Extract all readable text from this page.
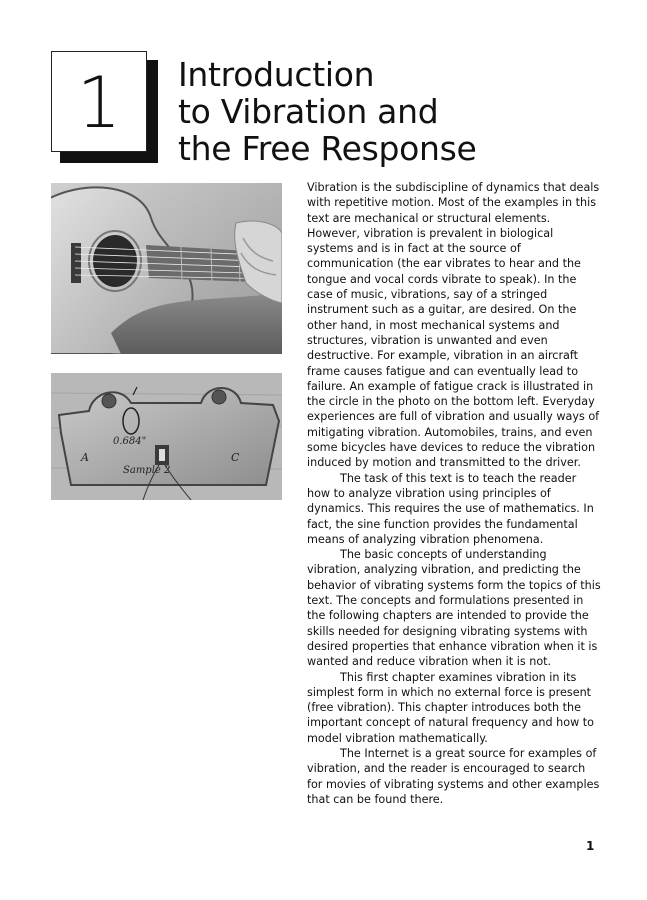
1 Introduction
to Vibration and
the Free Response
0.684"
Sample 2
A	C

Vibration is the subdiscipline of dynamics that deals with repetitive motion. Most of the examples in this text are mechanical or structural elements. However, vibration is prevalent in biological systems and is in fact at the source of communication (the ear vibrates to hear and the tongue and vocal cords vibrate to speak). In the case of music, vibrations, say of a stringed instrument such as a guitar, are desired. On the other hand, in most mechanical systems and structures, vibration is unwanted and even destructive. For example, vibration in an aircraft frame causes fatigue and can eventually lead to failure. An example of fatigue crack is illustrated in the circle in the photo on the bottom left. Everyday experiences are full of vibration and usually ways of mitigating vibration. Automobiles, trains, and even some bicycles have devices to reduce the vibration induced by motion and transmitted to the driver.

The task of this text is to teach the reader how to analyze vibration using principles of dynamics. This requires the use of mathematics. In fact, the sine function provides the fundamental means of analyzing vibration phenomena.

The basic concepts of understanding vibration, analyzing vibration, and predicting the behavior of vibrating systems form the topics of this text. The concepts and formulations presented in the following chapters are intended to provide the skills needed for designing vibrating systems with desired properties that enhance vibration when it is wanted and reduce vibration when it is not.

This first chapter examines vibration in its simplest form in which no external force is present (free vibration). This chapter introduces both the important concept of natural frequency and how to model vibration mathematically.

The Internet is a great source for examples of vibration, and the reader is encouraged to search for movies of vibrating systems and other examples that can be found there.

1
